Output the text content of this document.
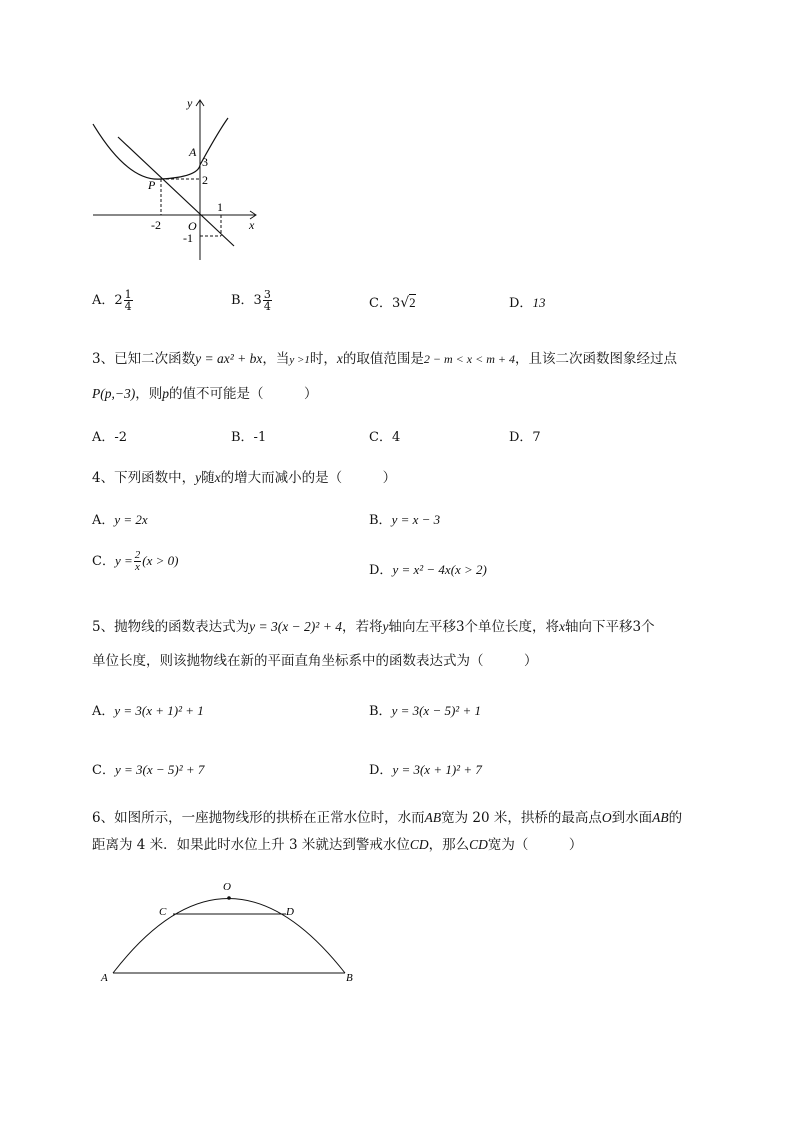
y
A
3
2
P
-2 O
1
x
-1
A．$2 \frac{1}{4}$	B．$3 \frac{3}{4}$	C．3√2	D．13
3、已知二次函数y = ax² + bx，当y >1时，x的取值范围是2 − m < x < m + 4，且该二次函数图象经过点
P(p,−3)，则p的值不可能是（　　　）
A．-2	B．-1	C．4	D．7
4、下列函数中，y随x的增大而减小的是（　　　）
A．y = 2x	B．y = x − 3
C．$y = \frac{2}{x} (x > 0)$
D．y = x² − 4x(x > 2)
5、抛物线的函数表达式为y = 3(x − 2)² + 4，若将y轴向左平移3个单位长度，将x轴向下平移3个
单位长度，则该抛物线在新的平面直角坐标系中的函数表达式为（　　　）
A．y = 3(x + 1)² + 1	B．y = 3(x − 5)² + 1
C．y = 3(x − 5)² + 7	D．y = 3(x + 1)² + 7
6、如图所示，一座抛物线形的拱桥在正常水位时，水而AB宽为 20 米，拱桥的最高点O到水面AB的
距离为 4 米．如果此时水位上升 3 米就达到警戒水位CD，那么CD宽为（　　　）
O
C	D
A	B
